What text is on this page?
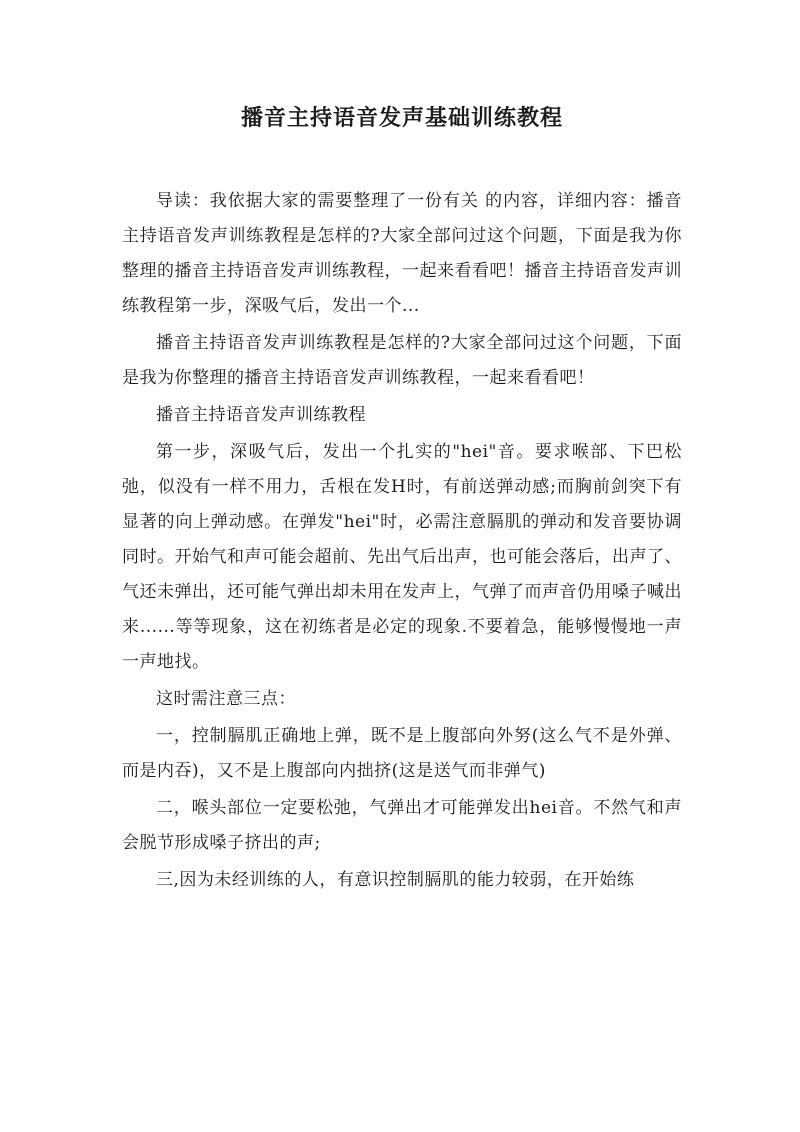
播音主持语音发声基础训练教程

导读：我依据大家的需要整理了一份有关 的内容，详细内容：播音主持语音发声训练教程是怎样的?大家全部问过这个问题，下面是我为你整理的播音主持语音发声训练教程，一起来看看吧！播音主持语音发声训练教程第一步，深吸气后，发出一个...

播音主持语音发声训练教程是怎样的?大家全部问过这个问题，下面是我为你整理的播音主持语音发声训练教程，一起来看看吧！

播音主持语音发声训练教程

第一步，深吸气后，发出一个扎实的"hei"音。要求喉部、下巴松弛，似没有一样不用力，舌根在发H时，有前送弹动感;而胸前剑突下有显著的向上弹动感。在弹发"hei"时，必需注意膈肌的弹动和发音要协调同时。开始气和声可能会超前、先出气后出声，也可能会落后，出声了、气还未弹出，还可能气弹出却未用在发声上，气弹了而声音仍用嗓子喊出来......等等现象，这在初练者是必定的现象.不要着急，能够慢慢地一声一声地找。

这时需注意三点：

一，控制膈肌正确地上弹，既不是上腹部向外努(这么气不是外弹、而是内吞)，又不是上腹部向内拙挤(这是送气而非弹气)

二，喉头部位一定要松弛，气弹出才可能弹发出hei音。不然气和声会脱节形成嗓子挤出的声;

三,因为未经训练的人，有意识控制膈肌的能力较弱，在开始练
